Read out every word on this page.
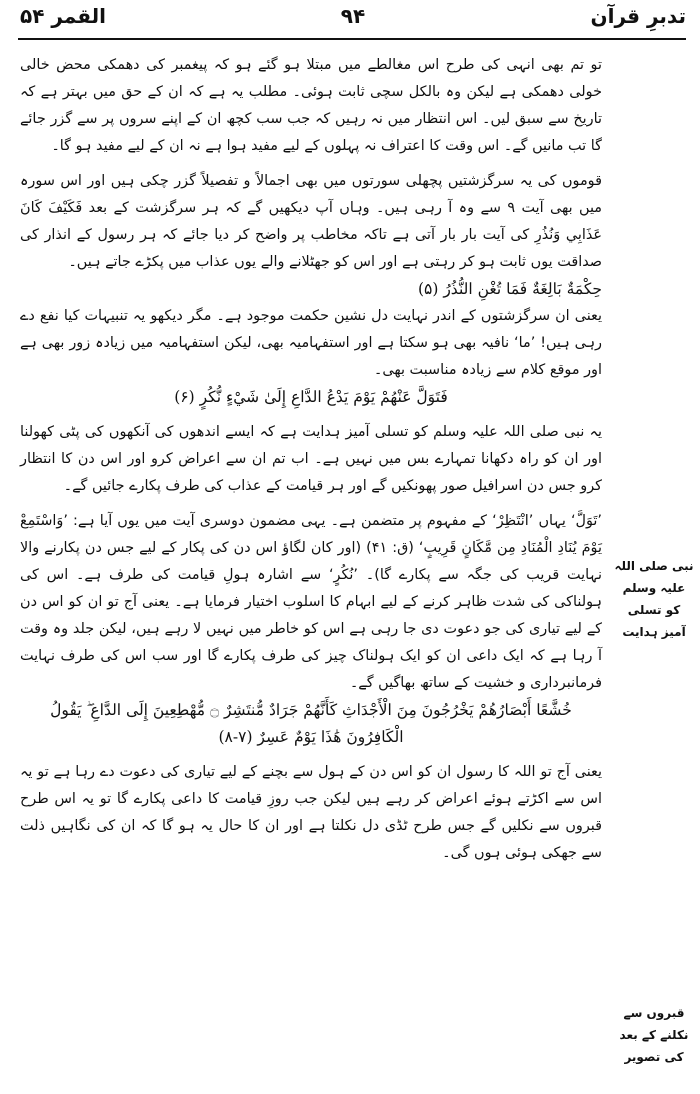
تدبرِ قرآن
۹۴
القمر ۵۴

تو تم بھی انہی کی طرح اس مغالطے میں مبتلا ہو گئے ہو کہ پیغمبر کی دھمکی محض خالی خولی دھمکی ہے لیکن وہ بالکل سچی ثابت ہوئی۔ مطلب یہ ہے کہ ان کے حق میں بہتر ہے کہ تاریخ سے سبق لیں۔ اس انتظار میں نہ رہیں کہ جب سب کچھ ان کے اپنے سروں پر سے گزر جائے گا تب مانیں گے۔ اس وقت کا اعتراف نہ پہلوں کے لیے مفید ہوا ہے نہ ان کے لیے مفید ہو گا۔

قوموں کی یہ سرگزشتیں پچھلی سورتوں میں بھی اجمالاً و تفصیلاً گزر چکی ہیں اور اس سورہ میں بھی آیت ۹ سے وہ آ رہی ہیں۔ وہاں آپ دیکھیں گے کہ ہر سرگزشت کے بعد فَكَيْفَ كَانَ عَذَابِي وَنُذُرِ کی آیت بار بار آتی ہے تاکہ مخاطب پر واضح کر دیا جائے کہ ہر رسول کے انذار کی صداقت یوں ثابت ہو کر رہتی ہے اور اس کو جھٹلانے والے یوں عذاب میں پکڑے جاتے ہیں۔

حِكْمَةٌ بَالِغَةٌ فَمَا تُغْنِ النُّذُرُ (۵)

یعنی ان سرگزشتوں کے اندر نہایت دل نشین حکمت موجود ہے۔ مگر دیکھو یہ تنبیہات کیا نفع دے رہی ہیں! ’ما‘ نافیہ بھی ہو سکتا ہے اور استفہامیہ بھی، لیکن استفہامیہ میں زیادہ زور بھی ہے اور موقع کلام سے زیادہ مناسبت بھی۔

فَتَوَلَّ عَنْهُمْ يَوْمَ يَدْعُ الدَّاعِ إِلَىٰ شَيْءٍ نُّكُرٍ (۶)

یہ نبی صلی اللہ علیہ وسلم کو تسلی آمیز ہدایت ہے کہ ایسے اندھوں کی آنکھوں کی پٹی کھولنا اور ان کو راہ دکھانا تمہارے بس میں نہیں ہے۔ اب تم ان سے اعراض کرو اور اس دن کا انتظار کرو جس دن اسرافیل صور پھونکیں گے اور ہر قیامت کے عذاب کی طرف پکارے جائیں گے۔

’تَوَلَّ‘ یہاں ’انْتَظِرْ‘ کے مفہوم پر متضمن ہے۔ یہی مضمون دوسری آیت میں یوں آیا ہے: ’وَاسْتَمِعْ يَوْمَ يُنَادِ الْمُنَادِ مِن مَّكَانٍ قَرِيبٍ‘ (ق: ۴۱) (اور کان لگاؤ اس دن کی پکار کے لیے جس دن پکارنے والا نہایت قریب کی جگہ سے پکارے گا)۔ ’نُكُرٍ‘ سے اشارہ ہولِ قیامت کی طرف ہے۔ اس کی ہولناکی کی شدت ظاہر کرنے کے لیے ابہام کا اسلوب اختیار فرمایا ہے۔ یعنی آج تو ان کو اس دن کے لیے تیاری کی جو دعوت دی جا رہی ہے اس کو خاطر میں نہیں لا رہے ہیں، لیکن جلد وہ وقت آ رہا ہے کہ ایک داعی ان کو ایک ہولناک چیز کی طرف پکارے گا اور سب اس کی طرف نہایت فرمانبرداری و خشیت کے ساتھ بھاگیں گے۔

خُشَّعًا أَبْصَارُهُمْ يَخْرُجُونَ مِنَ الْأَجْدَاثِ كَأَنَّهُمْ جَرَادٌ مُّنتَشِرٌ ۝ مُّهْطِعِينَ إِلَى الدَّاعِ ۖ يَقُولُ الْكَافِرُونَ هَٰذَا يَوْمٌ عَسِرٌ (۷-۸)

یعنی آج تو اللہ کا رسول ان کو اس دن کے ہول سے بچنے کے لیے تیاری کی دعوت دے رہا ہے تو یہ اس سے اکڑتے ہوئے اعراض کر رہے ہیں لیکن جب روزِ قیامت کا داعی پکارے گا تو یہ اس طرح قبروں سے نکلیں گے جس طرح ٹڈی دل نکلتا ہے اور ان کا حال یہ ہو گا کہ ان کی نگاہیں ذلت سے جھکی ہوئی ہوں گی۔

نبی صلی اللہ علیہ وسلم کو تسلی آمیز ہدایت
قبروں سے نکلنے کے بعد کی تصویر
